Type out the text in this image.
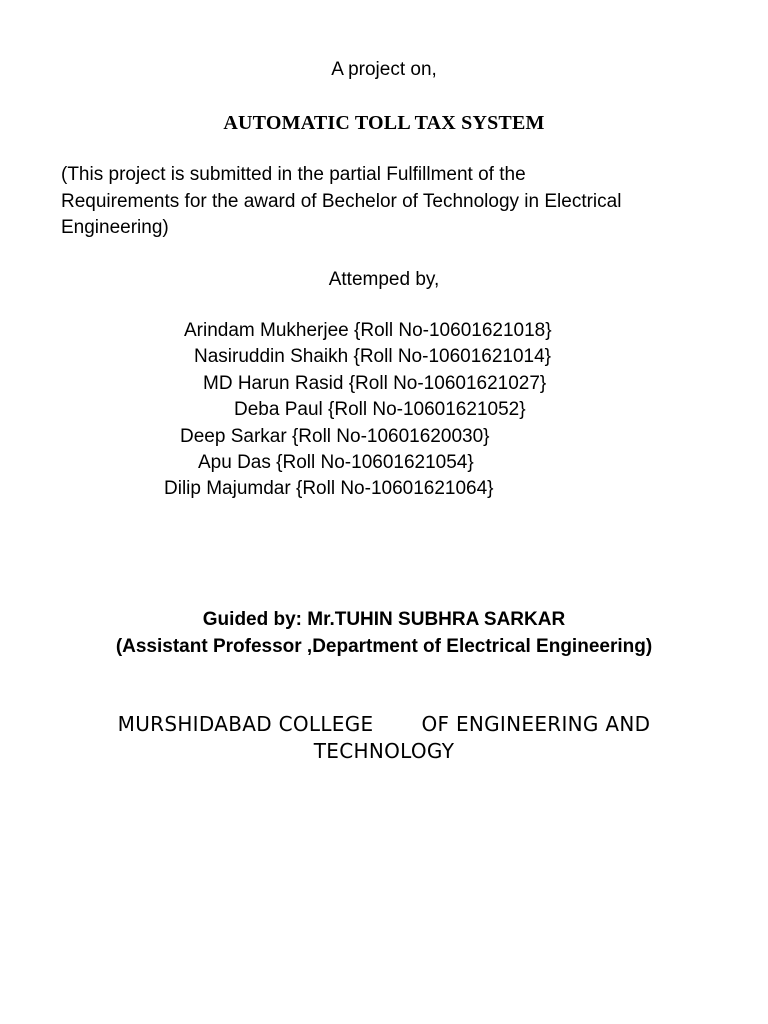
A project on,
AUTOMATIC TOLL TAX SYSTEM
(This project is submitted in the partial Fulfillment of the
Requirements for the award of Bechelor of Technology in Electrical
Engineering)
Attemped by,
Arindam Mukherjee {Roll No-10601621018}
Nasiruddin Shaikh {Roll No-10601621014}
MD Harun Rasid {Roll No-10601621027}
Deba Paul {Roll No-10601621052}
Deep Sarkar {Roll No-10601620030}
Apu Das {Roll No-10601621054}
Dilip Majumdar {Roll No-10601621064}
Guided by: Mr.TUHIN SUBHRA SARKAR
(Assistant Professor ,Department of Electrical Engineering)
MURSHIDABAD COLLEGE OF ENGINEERING AND
TECHNOLOGY
